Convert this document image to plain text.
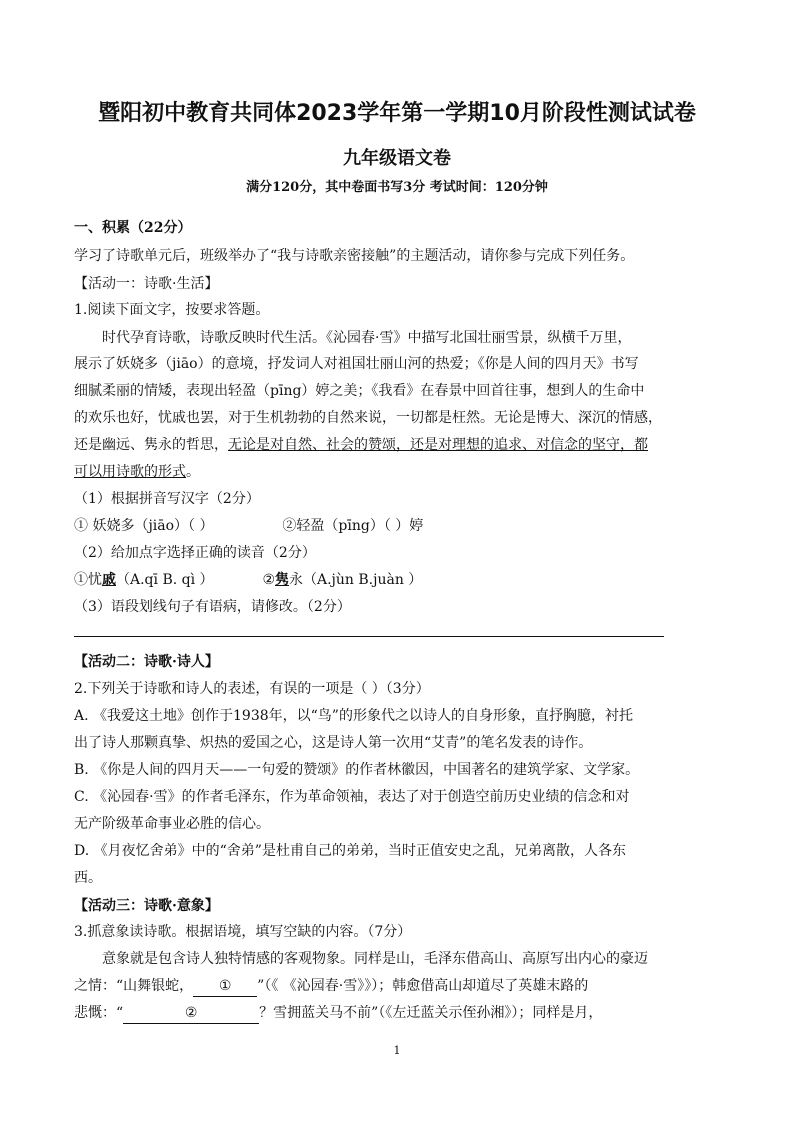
暨阳初中教育共同体2023学年第一学期10月阶段性测试试卷
九年级语文卷
满分120分，其中卷面书写3分 考试时间：120分钟
一、积累（22分）
学习了诗歌单元后，班级举办了“我与诗歌亲密接触”的主题活动，请你参与完成下列任务。
【活动一：诗歌·生活】
1.阅读下面文字，按要求答题。
时代孕育诗歌，诗歌反映时代生活。《沁园春·雪》中描写北国壮丽雪景，纵横千万里，
展示了妖娆多（jiāo）的意境，抒发词人对祖国壮丽山河的热爱；《你是人间的四月天》书写
细腻柔丽的情矮，表现出轻盈（pīng）婷之美；《我看》在春景中回首往事，想到人的生命中
的欢乐也好，忧戚也罢，对于生机勃勃的自然来说，一切都是枉然。无论是博大、深沉的情感，
还是幽远、隽永的哲思，无论是对自然、社会的赞颂，还是对理想的追求、对信念的坚守，都
可以用诗歌的形式。
（1）根据拼音写汉字（2分）
① 妖娆多（jiāo）（ ）	②轻盈（pīng）（ ）婷
（2）给加点字选择正确的读音（2分）
①忧戚（A.qī B. qì ）	②隽永（A.jùn B.juàn ）
（3）语段划线句子有语病，请修改。（2分）
【活动二：诗歌·诗人】
2.下列关于诗歌和诗人的表述，有误的一项是（ ）（3分）
A. 《我爱这土地》创作于1938年，以“鸟”的形象代之以诗人的自身形象，直抒胸臆，衬托
出了诗人那颗真挚、炽热的爱国之心，这是诗人第一次用“艾青”的笔名发表的诗作。
B. 《你是人间的四月天——一句爱的赞颂》的作者林徽因，中国著名的建筑学家、文学家。
C. 《沁园春·雪》的作者毛泽东，作为革命领袖，表达了对于创造空前历史业绩的信念和对
无产阶级革命事业必胜的信心。
D. 《月夜忆舍弟》中的“舍弟”是杜甫自己的弟弟，当时正值安史之乱，兄弟离散，人各东
西。
【活动三：诗歌·意象】
3.抓意象读诗歌。根据语境，填写空缺的内容。（7分）
意象就是包含诗人独特情感的客观物象。同样是山，毛泽东借高山、高原写出内心的豪迈
之情：“山舞银蛇， ① ”（《 《沁园春·雪》》）；韩愈借高山却道尽了英雄末路的
悲慨：“	②	？雪拥蓝关马不前”（《左迁蓝关示侄孙湘》）；同样是月，
1
